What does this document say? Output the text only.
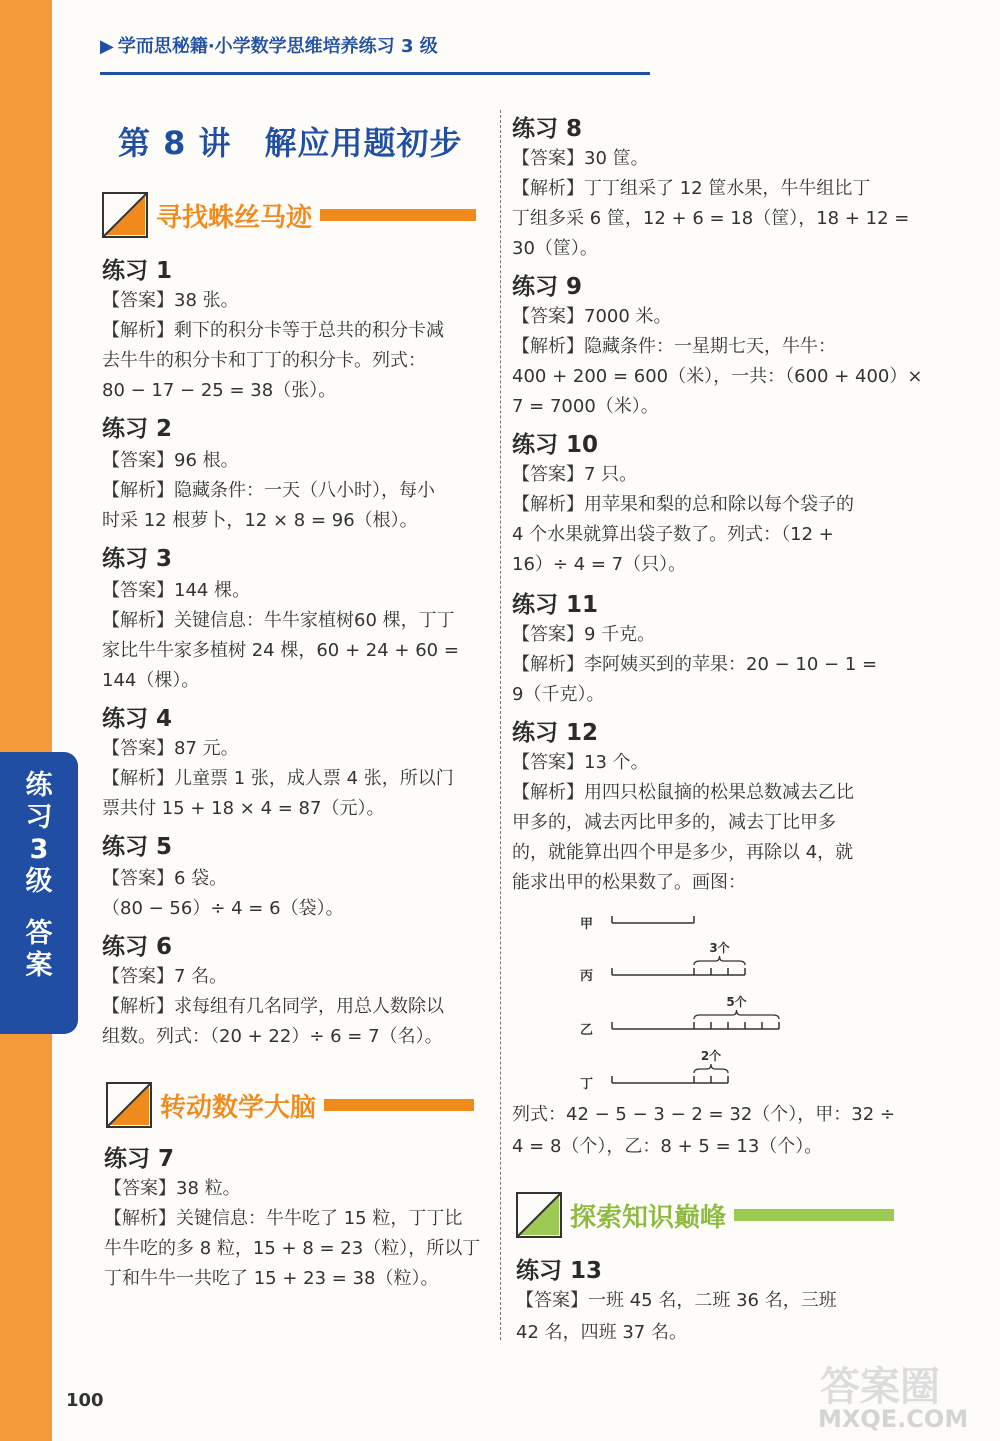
练
习
3
级
答
案
▶ 学而思秘籍·小学数学思维培养练习 3 级
第 8 讲　解应用题初步
寻找蛛丝马迹
练习 1
【答案】38 张。
【解析】剩下的积分卡等于总共的积分卡减
去牛牛的积分卡和丁丁的积分卡。列式：
80 − 17 − 25 = 38（张）。
练习 2
【答案】96 根。
【解析】隐藏条件：一天（八小时），每小
时采 12 根萝卜，12 × 8 = 96（根）。
练习 3
【答案】144 棵。
【解析】关键信息：牛牛家植树60 棵，丁丁
家比牛牛家多植树 24 棵，60 + 24 + 60 =
144（棵）。
练习 4
【答案】87 元。
【解析】儿童票 1 张，成人票 4 张，所以门
票共付 15 + 18 × 4 = 87（元）。
练习 5
【答案】6 袋。
（80 − 56）÷ 4 = 6（袋）。
练习 6
【答案】7 名。
【解析】求每组有几名同学，用总人数除以
组数。列式：（20 + 22）÷ 6 = 7（名）。
转动数学大脑
练习 7
【答案】38 粒。
【解析】关键信息：牛牛吃了 15 粒，丁丁比
牛牛吃的多 8 粒，15 + 8 = 23（粒），所以丁
丁和牛牛一共吃了 15 + 23 = 38（粒）。
练习 8
【答案】30 筐。
【解析】丁丁组采了 12 筐水果，牛牛组比丁
丁组多采 6 筐，12 + 6 = 18（筐），18 + 12 =
30（筐）。
练习 9
【答案】7000 米。
【解析】隐藏条件：一星期七天，牛牛：
400 + 200 = 600（米），一共：（600 + 400）×
7 = 7000（米）。
练习 10
【答案】7 只。
【解析】用苹果和梨的总和除以每个袋子的
4 个水果就算出袋子数了。列式：（12 +
16）÷ 4 = 7（只）。
练习 11
【答案】9 千克。
【解析】李阿姨买到的苹果：20 − 10 − 1 =
9（千克）。
练习 12
【答案】13 个。
【解析】用四只松鼠摘的松果总数减去乙比
甲多的，减去丙比甲多的，减去丁比甲多
的，就能算出四个甲是多少，再除以 4，就
能求出甲的松果数了。画图：
甲
丙
3个
乙
5个
丁
2个
列式：42 − 5 − 3 − 2 = 32（个），甲：32 ÷
4 = 8（个），乙：8 + 5 = 13（个）。
探索知识巅峰
练习 13
【答案】一班 45 名，二班 36 名，三班
42 名，四班 37 名。
100	答案圈
MXQE.COM
